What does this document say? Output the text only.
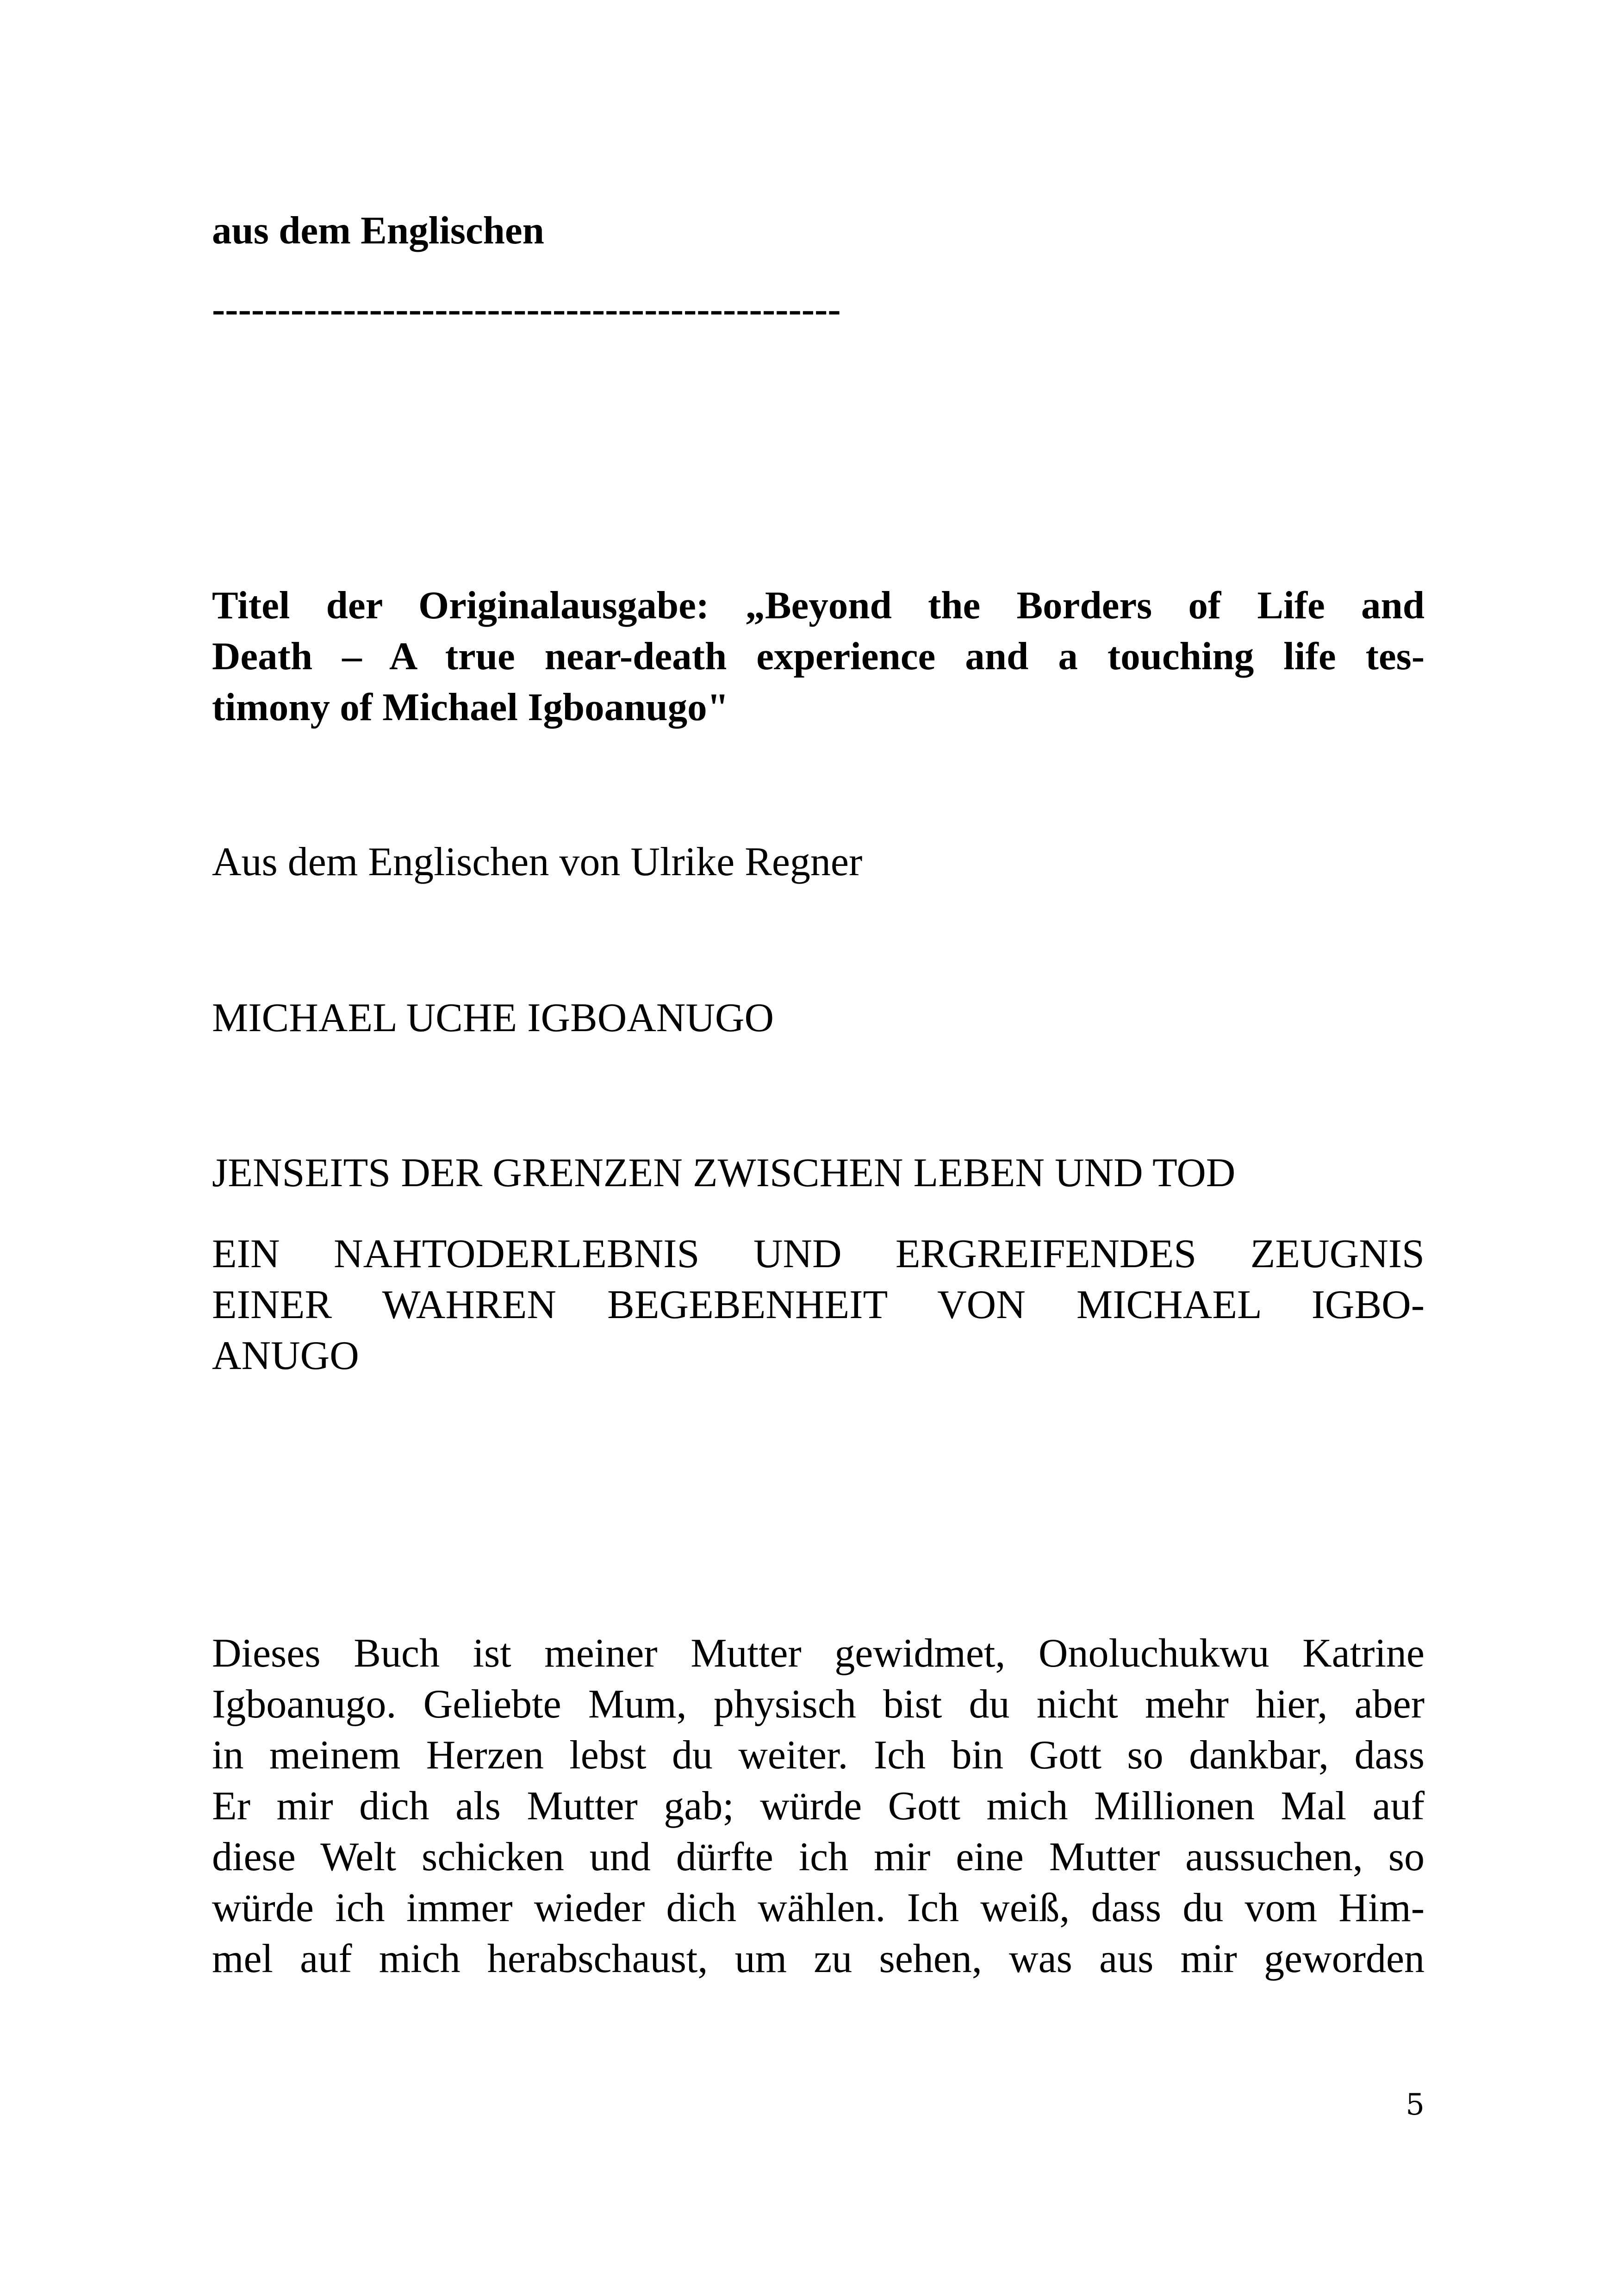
aus dem Englischen

------------------------------------------------

Titel der Originalausgabe: „Beyond the Borders of Life and
Death – A true near-death experience and a touching life tes-
timony of Michael Igboanugo"

Aus dem Englischen von Ulrike Regner

MICHAEL UCHE IGBOANUGO

JENSEITS DER GRENZEN ZWISCHEN LEBEN UND TOD

EIN NAHTODERLEBNIS UND ERGREIFENDES ZEUGNIS
EINER WAHREN BEGEBENHEIT VON MICHAEL IGBO-
ANUGO

Dieses Buch ist meiner Mutter gewidmet, Onoluchukwu Katrine
Igboanugo. Geliebte Mum, physisch bist du nicht mehr hier, aber
in meinem Herzen lebst du weiter. Ich bin Gott so dankbar, dass
Er mir dich als Mutter gab; würde Gott mich Millionen Mal auf
diese Welt schicken und dürfte ich mir eine Mutter aussuchen, so
würde ich immer wieder dich wählen. Ich weiß, dass du vom Him-
mel auf mich herabschaust, um zu sehen, was aus mir geworden

5
